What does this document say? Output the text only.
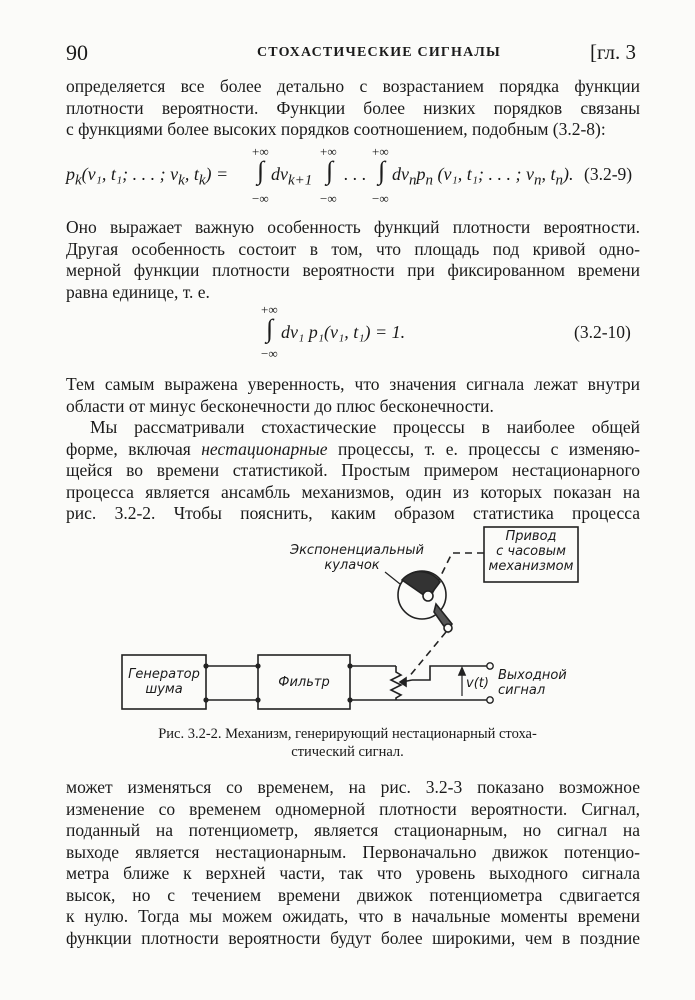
90	СТОХАСТИЧЕСКИЕ СИГНАЛЫ	[гл. 3
определяется все более детально с возрастанием порядка функции
плотности вероятности. Функции более низких порядков связаны
с функциями более высоких порядков соотношением, подобным (3.2-8):
$p_k(v_1$, t₁; . . . ; $v_k$, $t_k$) =
+∞
∫
−∞
$dv_{k+1}$
+∞
∫
−∞
. . .
+∞
∫
−∞
$dv_np_n$ (v₁, t₁; . . . ; $v_n$, $t_n$). (3.2-9)
Оно выражает важную особенность функций плотности вероятности.
Другая особенность состоит в том, что площадь под кривой одно-
мерной функции плотности вероятности при фиксированном времени
равна единице, т. е.
+∞
∫
−∞
dv₁ p₁(v₁, t₁) = 1.	(3.2-10)
Тем самым выражена уверенность, что значения сигнала лежат внутри
области от минус бесконечности до плюс бесконечности.
Мы рассматривали стохастические процессы в наиболее общей
форме, включая нестационарные процессы, т. е. процессы с изменяю-
щейся во времени статистикой. Простым примером нестационарного
процесса является ансамбль механизмов, один из которых показан на
рис. 3.2-2. Чтобы пояснить, каким образом статистика процесса
Экспоненциальный
кулачок
Привод
с часовым
механизмом
Генератор
шума	Фильтр	v(t)
Выходной
сигнал
Рис. 3.2-2. Механизм, генерирующий нестационарный стоха-
стический сигнал.
может изменяться со временем, на рис. 3.2-3 показано возможное
изменение со временем одномерной плотности вероятности. Сигнал,
поданный на потенциометр, является стационарным, но сигнал на
выходе является нестационарным. Первоначально движок потенцио-
метра ближе к верхней части, так что уровень выходного сигнала
высок, но с течением времени движок потенциометра сдвигается
к нулю. Тогда мы можем ожидать, что в начальные моменты времени
функции плотности вероятности будут более широкими, чем в поздние
